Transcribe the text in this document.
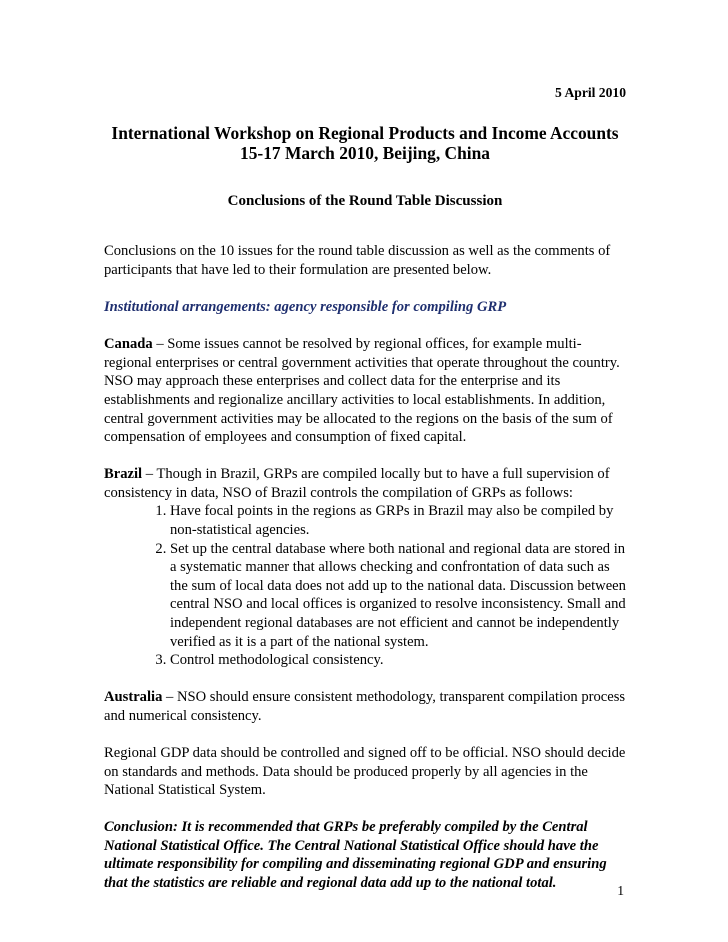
5 April 2010
International Workshop on Regional Products and Income Accounts
15-17 March 2010, Beijing, China
Conclusions of the Round Table Discussion

Conclusions on the 10 issues for the round table discussion as well as the comments of participants that have led to their formulation are presented below.

Institutional arrangements: agency responsible for compiling GRP

Canada – Some issues cannot be resolved by regional offices, for example multi-regional enterprises or central government activities that operate throughout the country. NSO may approach these enterprises and collect data for the enterprise and its establishments and regionalize ancillary activities to local establishments. In addition, central government activities may be allocated to the regions on the basis of the sum of compensation of employees and consumption of fixed capital.

Brazil – Though in Brazil, GRPs are compiled locally but to have a full supervision of consistency in data, NSO of Brazil controls the compilation of GRPs as follows:

1. Have focal points in the regions as GRPs in Brazil may also be compiled by non-statistical agencies.
2. Set up the central database where both national and regional data are stored in a systematic manner that allows checking and confrontation of data such as the sum of local data does not add up to the national data. Discussion between central NSO and local offices is organized to resolve inconsistency. Small and independent regional databases are not efficient and cannot be independently verified as it is a part of the national system.
3. Control methodological consistency.

Australia – NSO should ensure consistent methodology, transparent compilation process and numerical consistency.

Regional GDP data should be controlled and signed off to be official. NSO should decide on standards and methods. Data should be produced properly by all agencies in the National Statistical System.

Conclusion: It is recommended that GRPs be preferably compiled by the Central National Statistical Office. The Central National Statistical Office should have the ultimate responsibility for compiling and disseminating regional GDP and ensuring that the statistics are reliable and regional data add up to the national total.	1
